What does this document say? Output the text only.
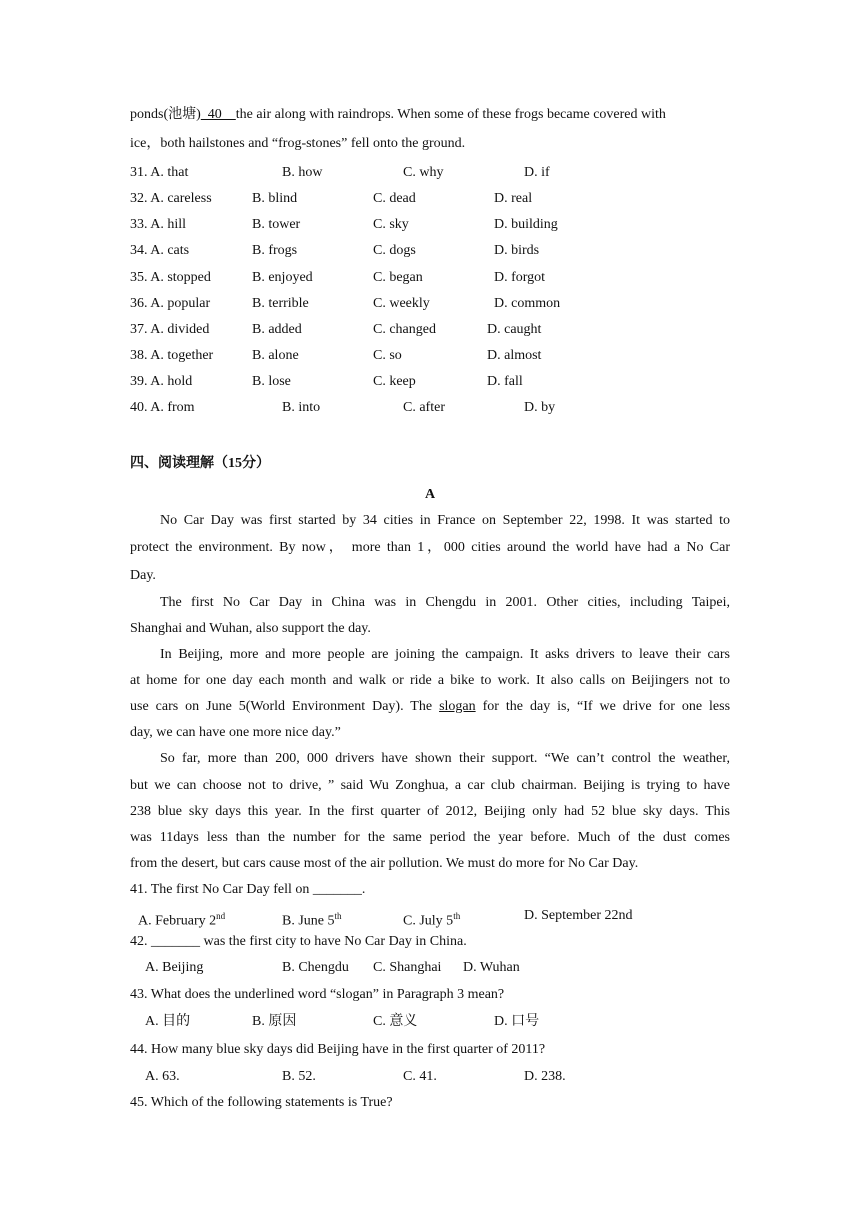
ponds(池塘)  40    the air along with raindrops. When some of these frogs became covered with
ice，both hailstones and “frog-stones” fell onto the ground.
31. A. that	B. how	C. why	D. if
32. A. careless	B. blind	C. dead	D. real
33. A. hill	B. tower	C. sky	D. building
34. A. cats	B. frogs	C. dogs	D. birds
35. A. stopped	B. enjoyed	C. began	D. forgot
36. A. popular	B. terrible	C. weekly	D. common
37. A. divided	B. added	C. changed	D. caught
38. A. together	B. alone	C. so	D. almost
39. A. hold	B. lose	C. keep	D. fall
40. A. from	B. into	C. after	D. by
四、阅读理解（15分）
A
No Car Day was first started by 34 cities in France on September 22, 1998. It was started to
protect the environment. By now， more than 1，000 cities around the world have had a No Car
Day.
The first No Car Day in China was in Chengdu in 2001. Other cities, including Taipei,
Shanghai and Wuhan, also support the day.
In Beijing, more and more people are joining the campaign. It asks drivers to leave their cars
at home for one day each month and walk or ride a bike to work. It also calls on Beijingers not to
use cars on June 5(World Environment Day). The slogan for the day is, “If we drive for one less
day, we can have one more nice day.”
So far, more than 200, 000 drivers have shown their support. “We can’t control the weather,
but we can choose not to drive, ” said Wu Zonghua, a car club chairman. Beijing is trying to have
238 blue sky days this year. In the first quarter of 2012, Beijing only had 52 blue sky days. This
was 11days less than the number for the same period the year before. Much of the dust comes
from the desert, but cars cause most of the air pollution. We must do more for No Car Day.
41. The first No Car Day fell on _______.
A. February 2nd	B. June 5th	C. July 5th	D. September 22nd
42. _______ was the first city to have No Car Day in China.
A. Beijing	B. Chengdu C. Shanghai D. Wuhan
43. What does the underlined word “slogan” in Paragraph 3 mean?
A. 目的	B. 原因	C. 意义	D. 口号
44. How many blue sky days did Beijing have in the first quarter of 2011?
A. 63.	B. 52.	C. 41.	D. 238.
45. Which of the following statements is True?
